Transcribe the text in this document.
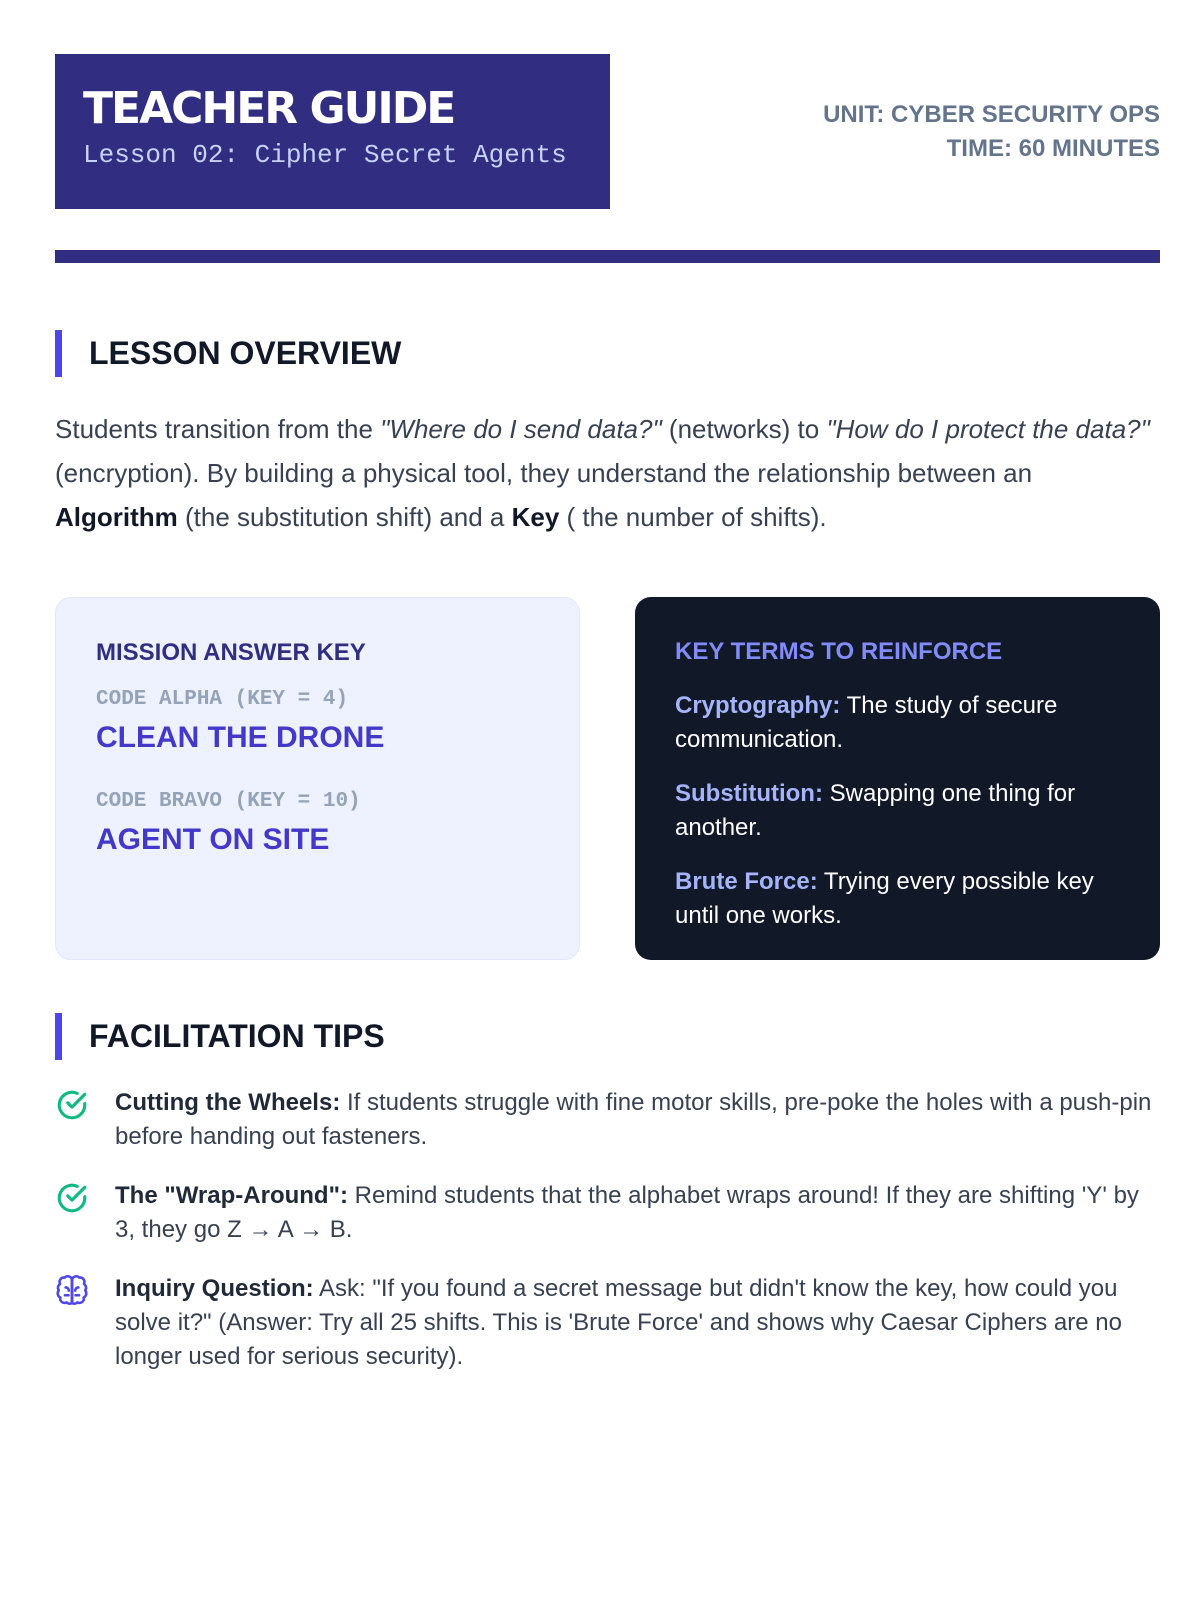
TEACHER GUIDE
Lesson 02: Cipher Secret Agents
UNIT: CYBER SECURITY OPS
TIME: 60 MINUTES
LESSON OVERVIEW

Students transition from the "Where do I send data?" (networks) to "How do I protect the data?" (encryption). By building a physical tool, they understand the relationship between an Algorithm (the substitution shift) and a Key ( the number of shifts).

MISSION ANSWER KEY
CODE ALPHA (KEY = 4)
CLEAN THE DRONE
CODE BRAVO (KEY = 10)
AGENT ON SITE
KEY TERMS TO REINFORCE

Cryptography: The study of secure communication.

Substitution: Swapping one thing for another.

Brute Force: Trying every possible key until one works.

FACILITATION TIPS

Cutting the Wheels: If students struggle with fine motor skills, pre-poke the holes with a push-pin before handing out fasteners.

The "Wrap-Around": Remind students that the alphabet wraps around! If they are shifting 'Y' by 3, they go Z → A → B.

Inquiry Question: Ask: "If you found a secret message but didn't know the key, how could you solve it?" (Answer: Try all 25 shifts. This is 'Brute Force' and shows why Caesar Ciphers are no longer used for serious security).
